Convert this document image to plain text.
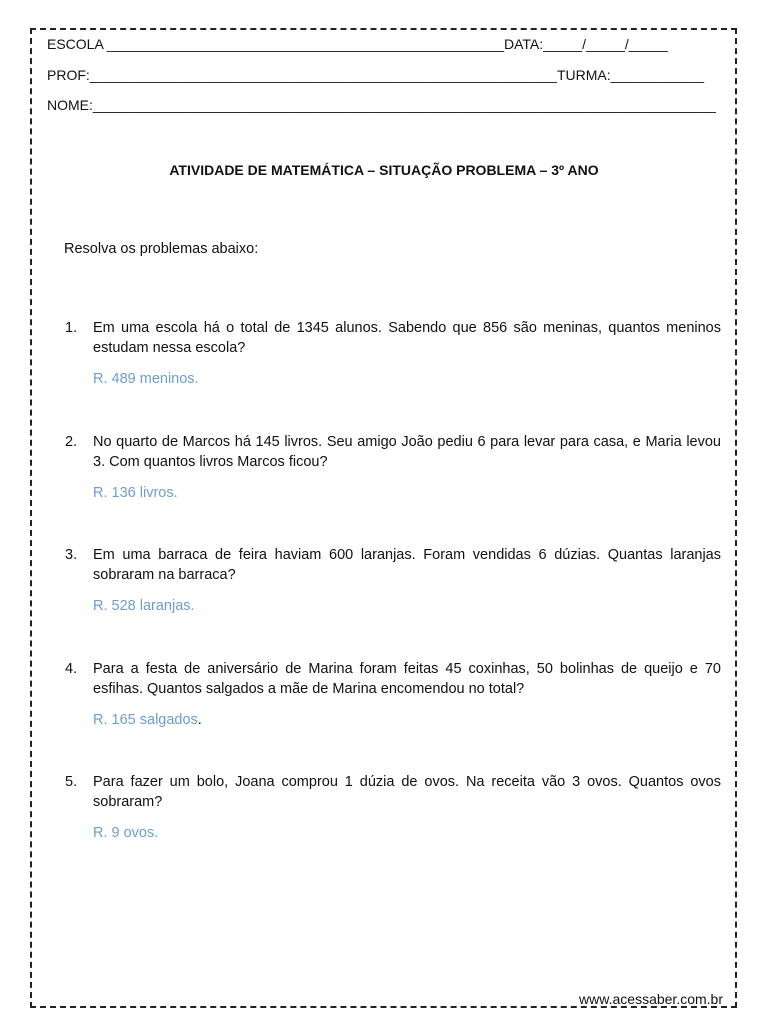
ESCOLA ___________________________________________________DATA:_____/_____/_____
PROF:____________________________________________________________TURMA:____________
NOME:________________________________________________________________________________
ATIVIDADE DE MATEMÁTICA – SITUAÇÃO PROBLEMA – 3º ANO
Resolva os problemas abaixo:
1.	Em uma escola há o total de 1345 alunos. Sabendo que 856 são meninas, quantos meninos estudam nessa escola?
R. 489 meninos.
2.	No quarto de Marcos há 145 livros. Seu amigo João pediu 6 para levar para casa, e Maria levou 3. Com quantos livros Marcos ficou?
R. 136 livros.
3.	Em uma barraca de feira haviam 600 laranjas. Foram vendidas 6 dúzias. Quantas laranjas sobraram na barraca?
R. 528 laranjas.
4.	Para a festa de aniversário de Marina foram feitas 45 coxinhas, 50 bolinhas de queijo e 70 esfihas. Quantos salgados a mãe de Marina encomendou no total?
R. 165 salgados.
5.	Para fazer um bolo, Joana comprou 1 dúzia de ovos. Na receita vão 3 ovos. Quantos ovos sobraram?
R. 9 ovos.
www.acessaber.com.br
